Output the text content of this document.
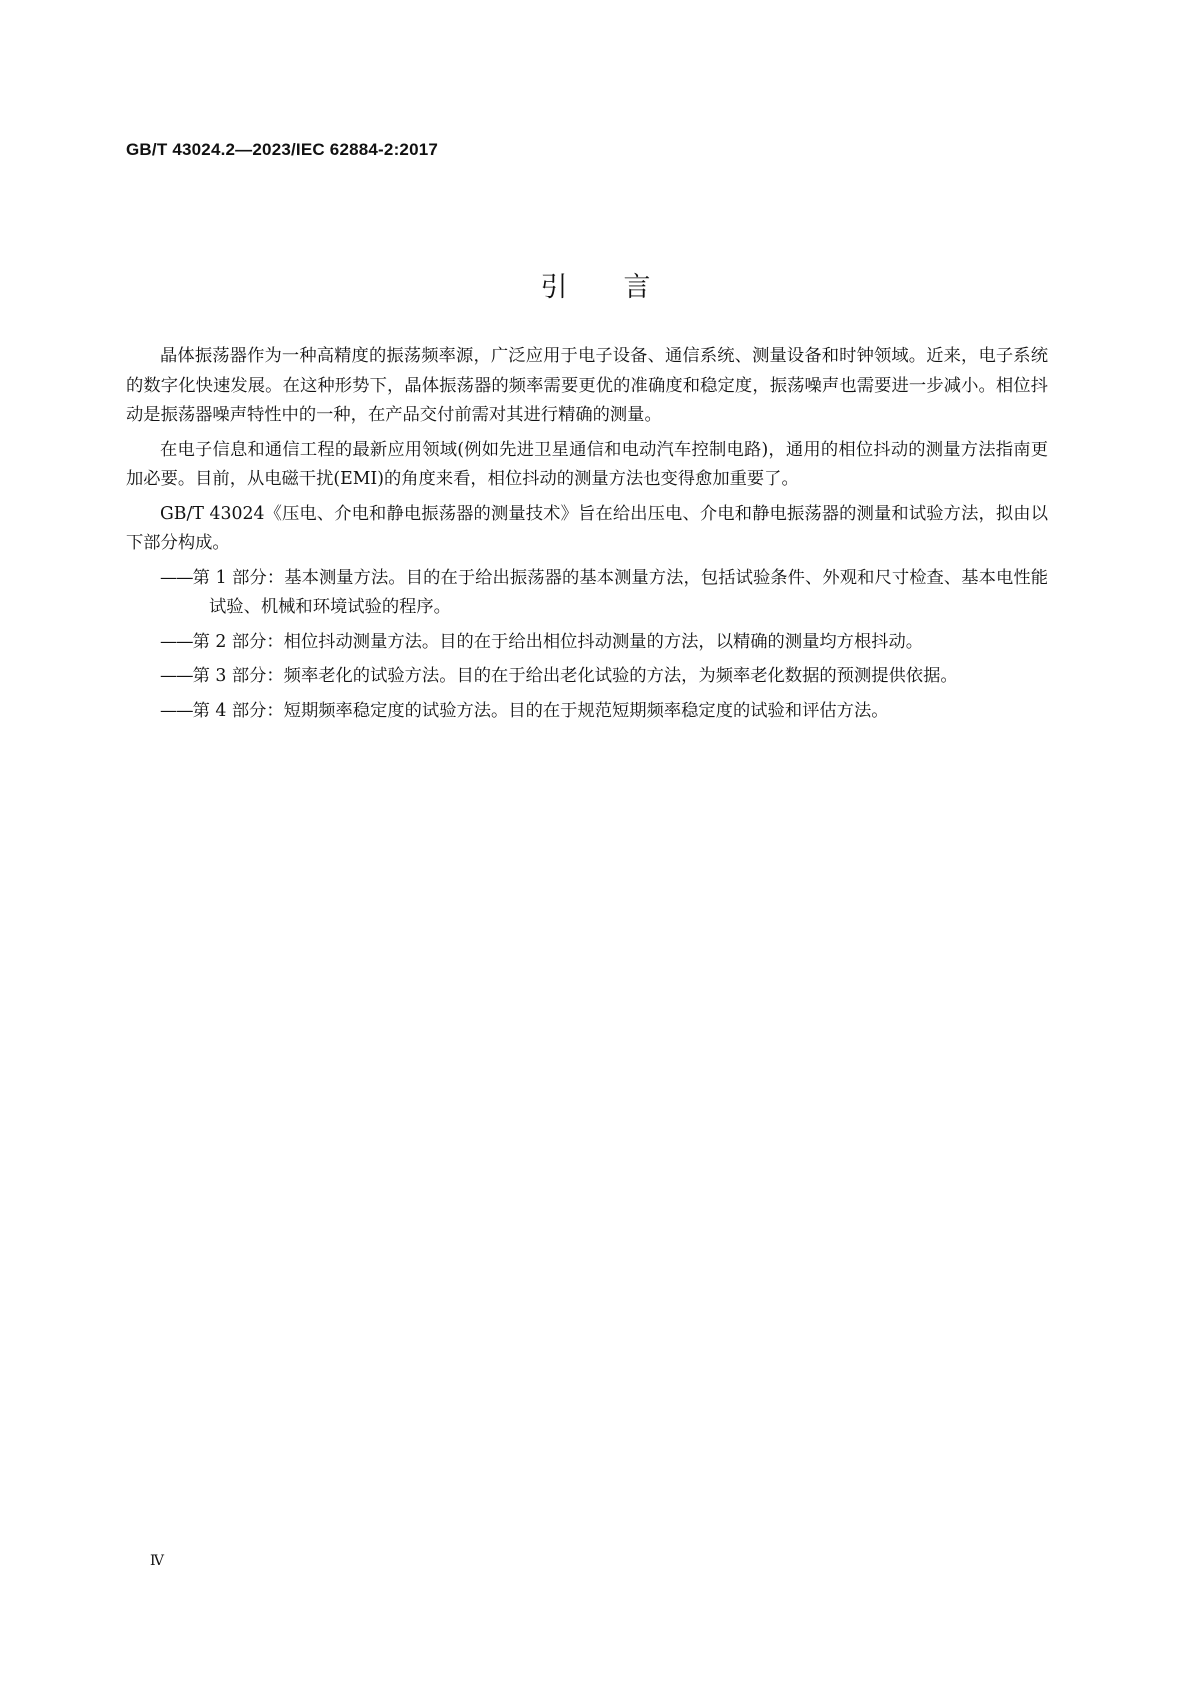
GB/T 43024.2—2023/IEC 62884-2:2017
引言

晶体振荡器作为一种高精度的振荡频率源，广泛应用于电子设备、通信系统、测量设备和时钟领域。近来，电子系统的数字化快速发展。在这种形势下，晶体振荡器的频率需要更优的准确度和稳定度，振荡噪声也需要进一步减小。相位抖动是振荡器噪声特性中的一种，在产品交付前需对其进行精确的测量。

在电子信息和通信工程的最新应用领域(例如先进卫星通信和电动汽车控制电路)，通用的相位抖动的测量方法指南更加必要。目前，从电磁干扰(EMI)的角度来看，相位抖动的测量方法也变得愈加重要了。

GB/T 43024《压电、介电和静电振荡器的测量技术》旨在给出压电、介电和静电振荡器的测量和试验方法，拟由以下部分构成。

——第 1 部分：基本测量方法。目的在于给出振荡器的基本测量方法，包括试验条件、外观和尺寸检查、基本电性能试验、机械和环境试验的程序。

——第 2 部分：相位抖动测量方法。目的在于给出相位抖动测量的方法，以精确的测量均方根抖动。

——第 3 部分：频率老化的试验方法。目的在于给出老化试验的方法，为频率老化数据的预测提供依据。

——第 4 部分：短期频率稳定度的试验方法。目的在于规范短期频率稳定度的试验和评估方法。

Ⅳ
